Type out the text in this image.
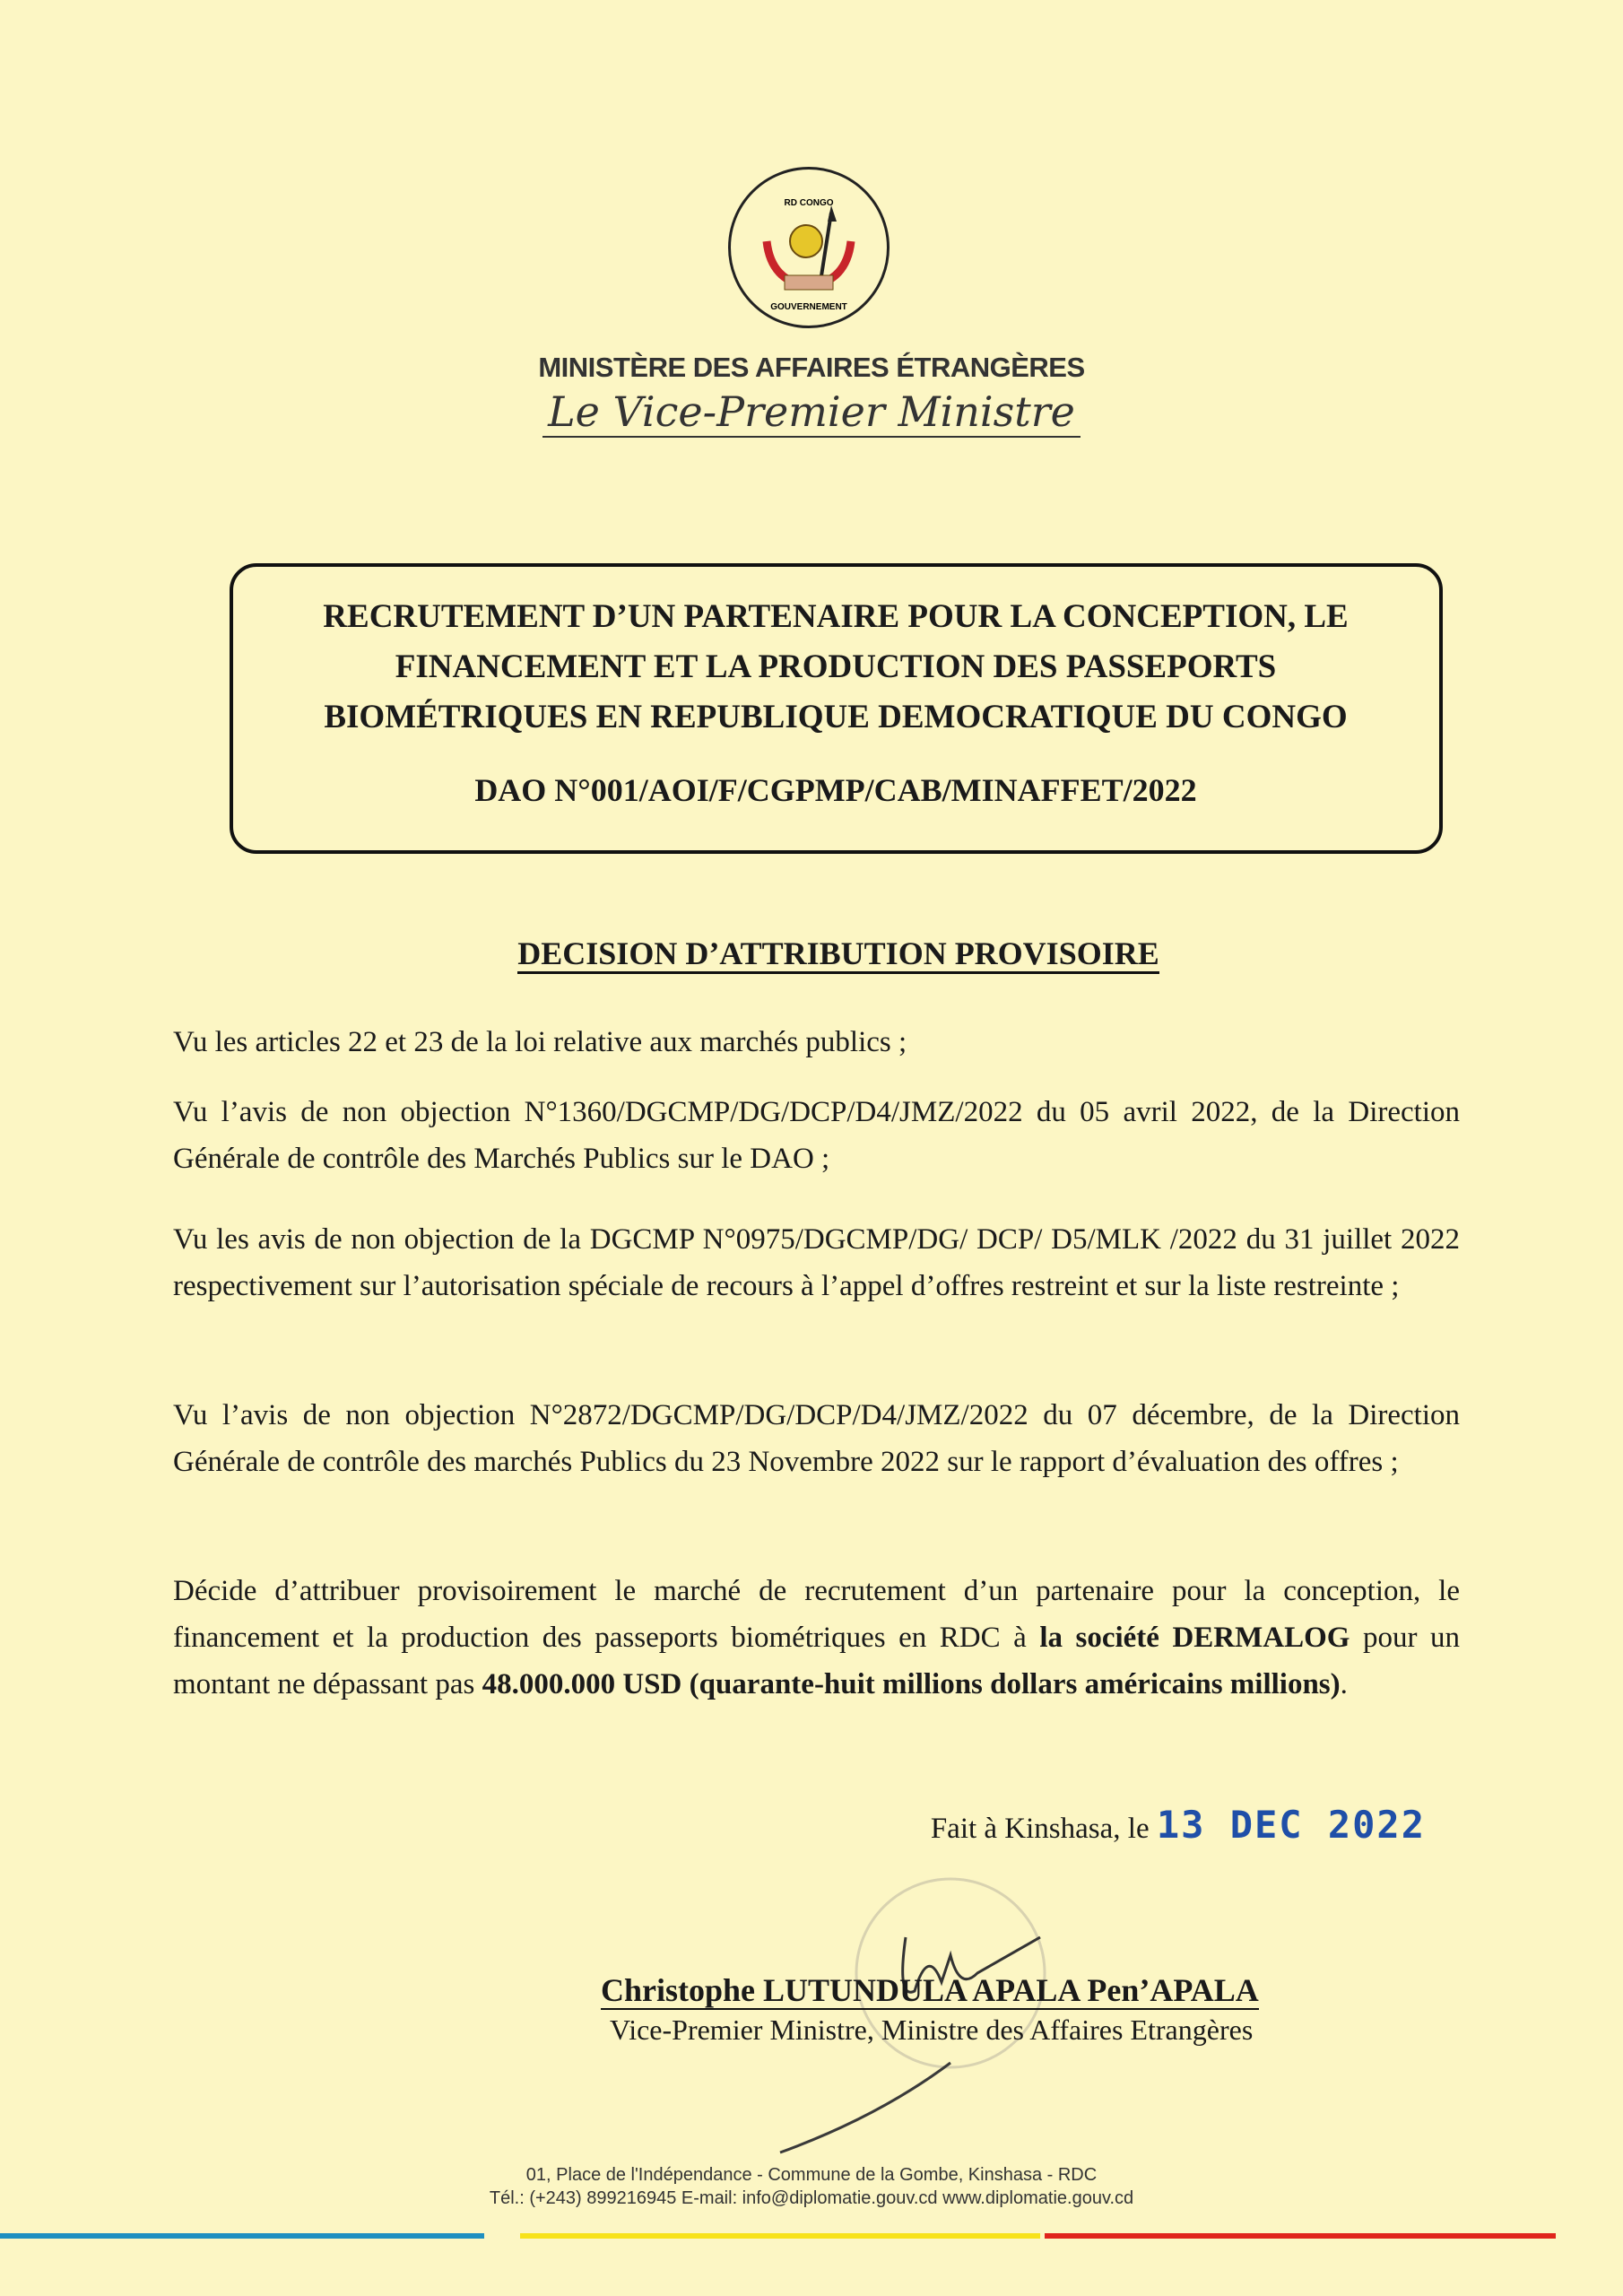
RD CONGO
GOUVERNEMENT
MINISTÈRE DES AFFAIRES ÉTRANGÈRES
Le Vice-Premier Ministre
RECRUTEMENT D’UN PARTENAIRE POUR LA CONCEPTION, LE
FINANCEMENT ET LA PRODUCTION DES PASSEPORTS
BIOMÉTRIQUES EN REPUBLIQUE DEMOCRATIQUE DU CONGO
DAO N°001/AOI/F/CGPMP/CAB/MINAFFET/2022
DECISION D’ATTRIBUTION PROVISOIRE
Vu les articles 22 et 23 de la loi relative aux marchés publics ;
Vu l’avis de non objection N°1360/DGCMP/DG/DCP/D4/JMZ/2022 du 05 avril 2022, de la Direction Générale de contrôle des Marchés Publics sur le DAO ;
Vu les avis de non objection de la DGCMP N°0975/DGCMP/DG/ DCP/ D5/MLK /2022 du 31 juillet 2022 respectivement sur l’autorisation spéciale de recours à l’appel d’offres restreint et sur la liste restreinte ;
Vu l’avis de non objection N°2872/DGCMP/DG/DCP/D4/JMZ/2022 du 07 décembre, de la Direction Générale de contrôle des marchés Publics du 23 Novembre 2022 sur le rapport d’évaluation des offres ;
Décide d’attribuer provisoirement le marché de recrutement d’un partenaire pour la conception, le financement et la production des passeports biométriques en RDC à la société DERMALOG pour un montant ne dépassant pas 48.000.000 USD (quarante-huit millions dollars américains millions).
Fait à Kinshasa, le 13 DEC 2022
Christophe LUTUNDULA APALA Pen’APALA
Vice-Premier Ministre, Ministre des Affaires Etrangères
01, Place de l'Indépendance - Commune de la Gombe, Kinshasa - RDC
Tél.: (+243) 899216945 E-mail: info@diplomatie.gouv.cd www.diplomatie.gouv.cd
